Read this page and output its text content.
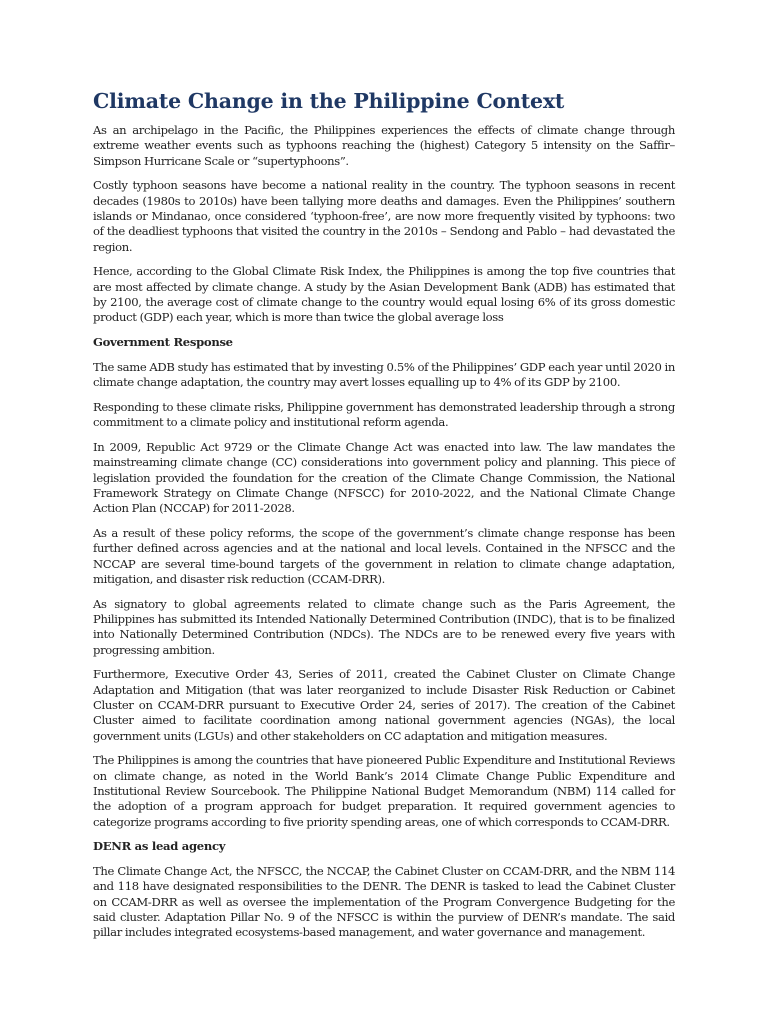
Climate Change in the Philippine Context

As an archipelago in the Pacific, the Philippines experiences the effects of climate change through extreme weather events such as typhoons reaching the (highest) Category 5 intensity on the Saffir–Simpson Hurricane Scale or “supertyphoons”.

Costly typhoon seasons have become a national reality in the country. The typhoon seasons in recent decades (1980s to 2010s) have been tallying more deaths and damages. Even the Philippines’ southern islands or Mindanao, once considered ‘typhoon-free’, are now more frequently visited by typhoons: two of the deadliest typhoons that visited the country in the 2010s – Sendong and Pablo – had devastated the region.

Hence, according to the Global Climate Risk Index, the Philippines is among the top five countries that are most affected by climate change. A study by the Asian Development Bank (ADB) has estimated that by 2100, the average cost of climate change to the country would equal losing 6% of its gross domestic product (GDP) each year, which is more than twice the global average loss

Government Response

The same ADB study has estimated that by investing 0.5% of the Philippines’ GDP each year until 2020 in climate change adaptation, the country may avert losses equalling up to 4% of its GDP by 2100.

Responding to these climate risks, Philippine government has demonstrated leadership through a strong commitment to a climate policy and institutional reform agenda.

In 2009, Republic Act 9729 or the Climate Change Act was enacted into law. The law mandates the mainstreaming climate change (CC) considerations into government policy and planning. This piece of legislation provided the foundation for the creation of the Climate Change Commission, the National Framework Strategy on Climate Change (NFSCC) for 2010-2022, and the National Climate Change Action Plan (NCCAP) for 2011-2028.

As a result of these policy reforms, the scope of the government’s climate change response has been further defined across agencies and at the national and local levels. Contained in the NFSCC and the NCCAP are several time-bound targets of the government in relation to climate change adaptation, mitigation, and disaster risk reduction (CCAM-DRR).

As signatory to global agreements related to climate change such as the Paris Agreement, the Philippines has submitted its Intended Nationally Determined Contribution (INDC), that is to be finalized into Nationally Determined Contribution (NDCs). The NDCs are to be renewed every five years with progressing ambition.

Furthermore, Executive Order 43, Series of 2011, created the Cabinet Cluster on Climate Change Adaptation and Mitigation (that was later reorganized to include Disaster Risk Reduction or Cabinet Cluster on CCAM-DRR pursuant to Executive Order 24, series of 2017). The creation of the Cabinet Cluster aimed to facilitate coordination among national government agencies (NGAs), the local government units (LGUs) and other stakeholders on CC adaptation and mitigation measures.

The Philippines is among the countries that have pioneered Public Expenditure and Institutional Reviews on climate change, as noted in the World Bank’s 2014 Climate Change Public Expenditure and Institutional Review Sourcebook. The Philippine National Budget Memorandum (NBM) 114 called for the adoption of a program approach for budget preparation. It required government agencies to categorize programs according to five priority spending areas, one of which corresponds to CCAM-DRR.

DENR as lead agency

The Climate Change Act, the NFSCC, the NCCAP, the Cabinet Cluster on CCAM-DRR, and the NBM 114 and 118 have designated responsibilities to the DENR. The DENR is tasked to lead the Cabinet Cluster on CCAM-DRR as well as oversee the implementation of the Program Convergence Budgeting for the said cluster. Adaptation Pillar No. 9 of the NFSCC is within the purview of DENR’s mandate. The said pillar includes integrated ecosystems-based management, and water governance and management.
